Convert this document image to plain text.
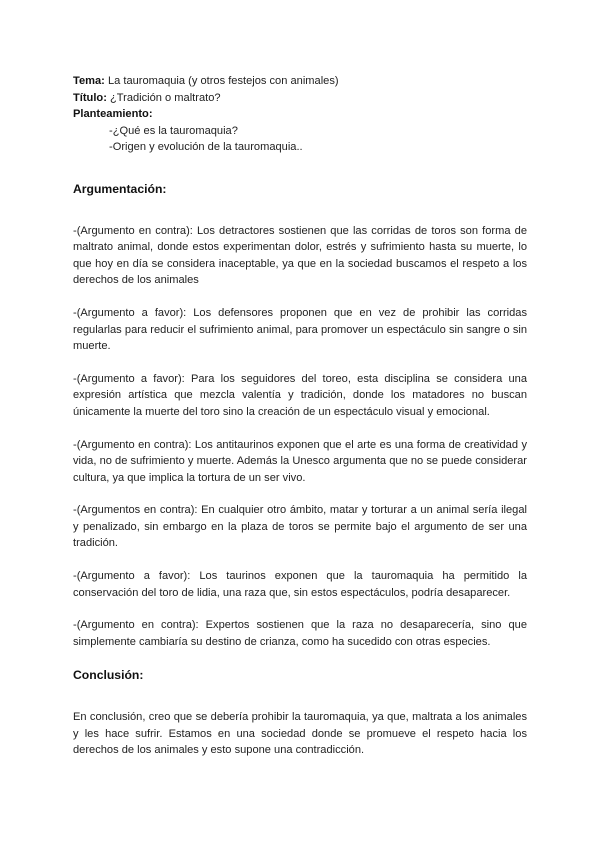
Tema: La tauromaquia (y otros festejos con animales)

Título: ¿Tradición o maltrato?

Planteamiento:

-¿Qué es la tauromaquia?

-Origen y evolución de la tauromaquia..

Argumentación:

-(Argumento en contra): Los detractores sostienen que las corridas de toros son forma de maltrato animal, donde estos experimentan dolor, estrés y sufrimiento hasta su muerte, lo que hoy en día se considera inaceptable, ya que en la sociedad buscamos el respeto a los derechos de los animales

-(Argumento a favor): Los defensores proponen que en vez de prohibir las corridas regularlas para reducir el sufrimiento animal, para promover un espectáculo sin sangre o sin muerte.

-(Argumento a favor): Para los seguidores del toreo, esta disciplina se considera una expresión artística que mezcla valentía y tradición, donde los matadores no buscan únicamente la muerte del toro sino la creación de un espectáculo visual y emocional.

-(Argumento en contra): Los antitaurinos exponen que el arte es una forma de creatividad y vida, no de sufrimiento y muerte. Además la Unesco argumenta que no se puede considerar cultura, ya que implica la tortura de un ser vivo.

-(Argumentos en contra): En cualquier otro ámbito, matar y torturar a un animal sería ilegal y penalizado, sin embargo en la plaza de toros se permite bajo el argumento de ser una tradición.

-(Argumento a favor): Los taurinos exponen que la tauromaquia ha permitido la conservación del toro de lidia, una raza que, sin estos espectáculos, podría desaparecer.

-(Argumento en contra): Expertos sostienen que la raza no desaparecería, sino que simplemente cambiaría su destino de crianza, como ha sucedido con otras especies.

Conclusión:

En conclusión, creo que se debería prohibir la tauromaquia, ya que, maltrata a los animales y les hace sufrir. Estamos en una sociedad donde se promueve el respeto hacia los derechos de los animales y esto supone una contradicción.
